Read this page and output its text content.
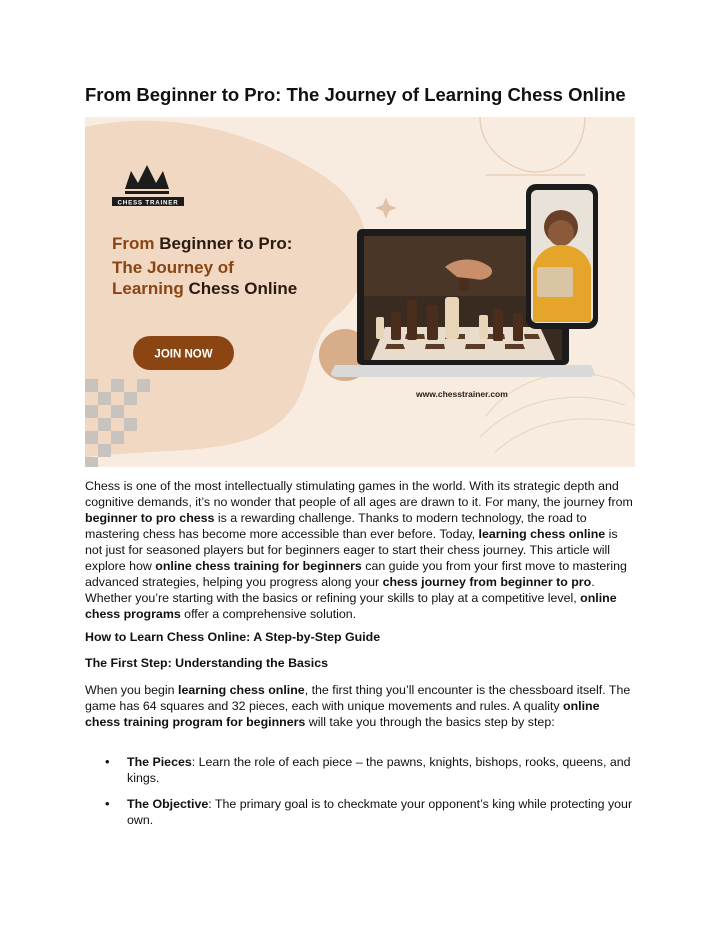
From Beginner to Pro: The Journey of Learning Chess Online
CHESS TRAINER
From Beginner to Pro:
The Journey of
Learning Chess Online
JOIN NOW
www.chesstrainer.com

Chess is one of the most intellectually stimulating games in the world. With its strategic depth and cognitive demands, it’s no wonder that people of all ages are drawn to it. For many, the journey from beginner to pro chess is a rewarding challenge. Thanks to modern technology, the road to mastering chess has become more accessible than ever before. Today, learning chess online is not just for seasoned players but for beginners eager to start their chess journey. This article will explore how online chess training for beginners can guide you from your first move to mastering advanced strategies, helping you progress along your chess journey from beginner to pro. Whether you’re starting with the basics or refining your skills to play at a competitive level, online chess programs offer a comprehensive solution.

How to Learn Chess Online: A Step-by-Step Guide

The First Step: Understanding the Basics

When you begin learning chess online, the first thing you’ll encounter is the chessboard itself. The game has 64 squares and 32 pieces, each with unique movements and rules. A quality online chess training program for beginners will take you through the basics step by step:

• The Pieces: Learn the role of each piece – the pawns, knights, bishops, rooks, queens, and kings.
• The Objective: The primary goal is to checkmate your opponent’s king while protecting your own.
